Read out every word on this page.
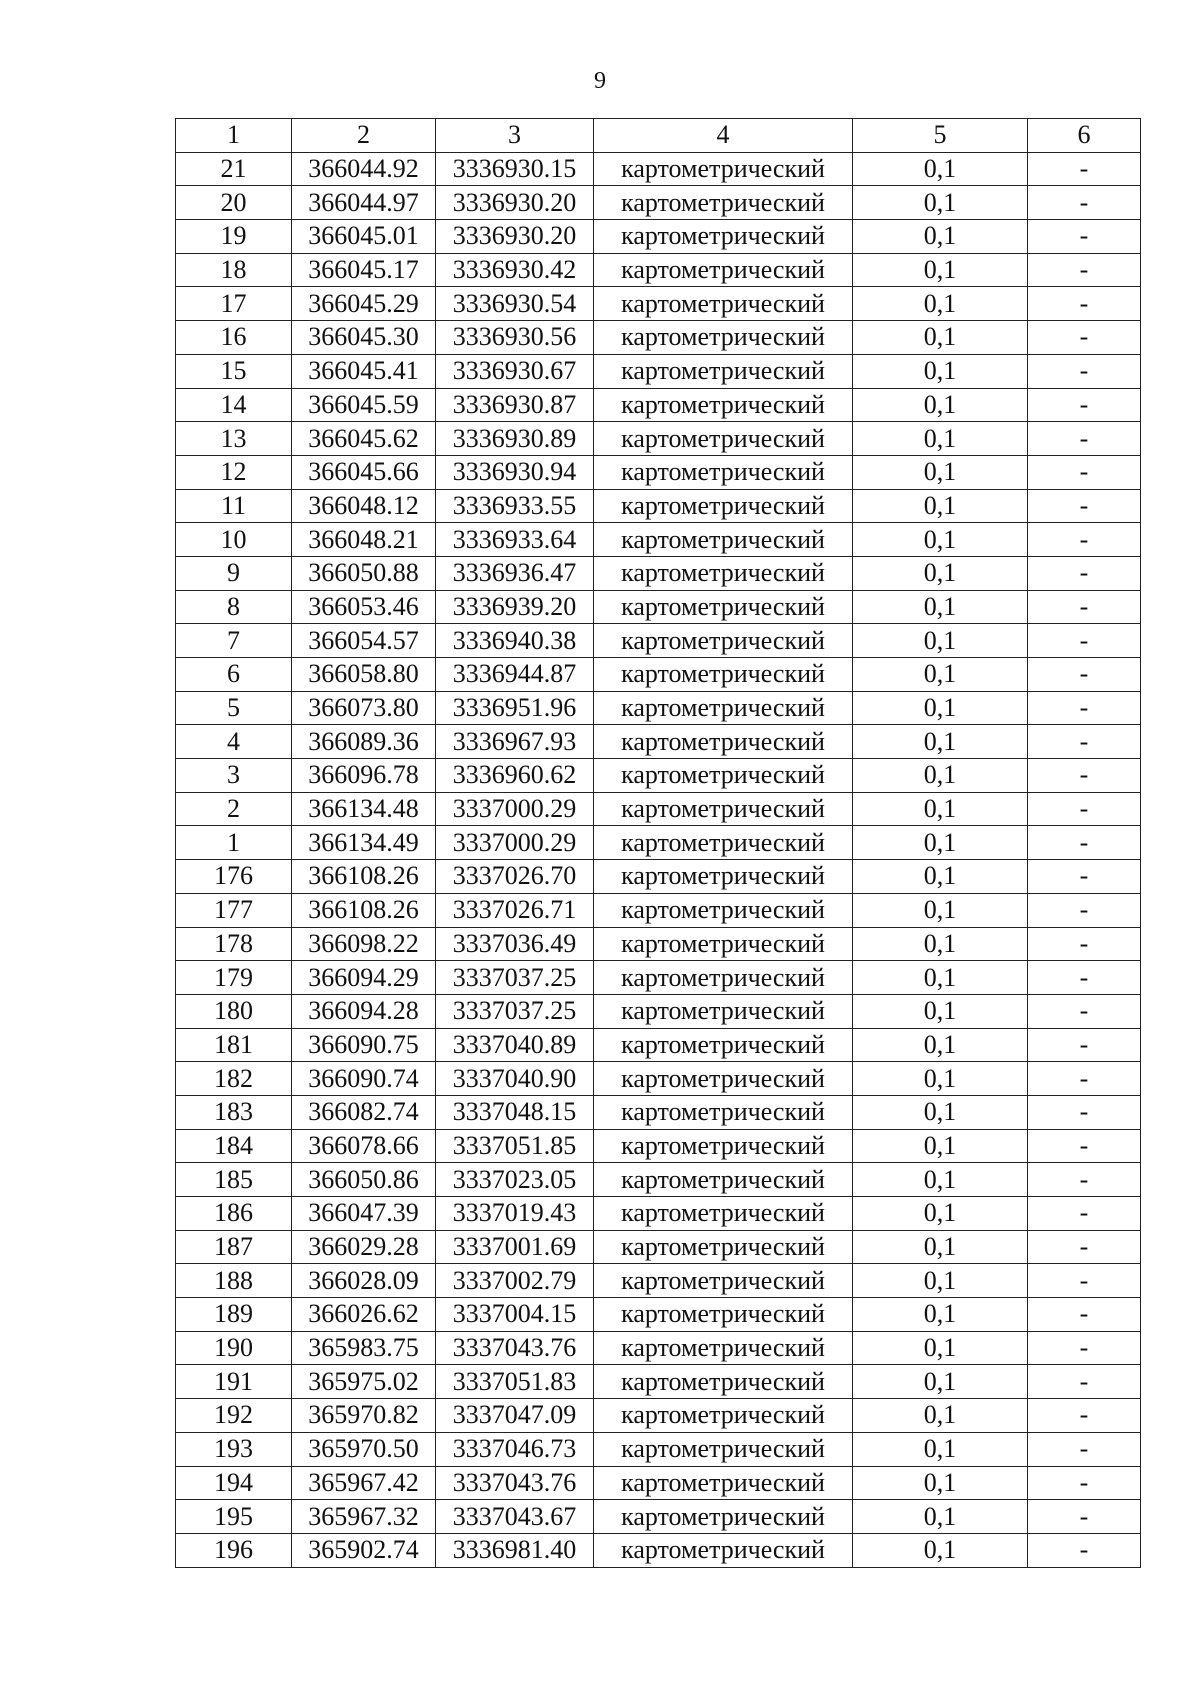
9
1	2	3	4	5	6
21	366044.92	3336930.15	картометрический	0,1	-
20	366044.97	3336930.20	картометрический	0,1	-
19	366045.01	3336930.20	картометрический	0,1	-
18	366045.17	3336930.42	картометрический	0,1	-
17	366045.29	3336930.54	картометрический	0,1	-
16	366045.30	3336930.56	картометрический	0,1	-
15	366045.41	3336930.67	картометрический	0,1	-
14	366045.59	3336930.87	картометрический	0,1	-
13	366045.62	3336930.89	картометрический	0,1	-
12	366045.66	3336930.94	картометрический	0,1	-
11	366048.12	3336933.55	картометрический	0,1	-
10	366048.21	3336933.64	картометрический	0,1	-
9	366050.88	3336936.47	картометрический	0,1	-
8	366053.46	3336939.20	картометрический	0,1	-
7	366054.57	3336940.38	картометрический	0,1	-
6	366058.80	3336944.87	картометрический	0,1	-
5	366073.80	3336951.96	картометрический	0,1	-
4	366089.36	3336967.93	картометрический	0,1	-
3	366096.78	3336960.62	картометрический	0,1	-
2	366134.48	3337000.29	картометрический	0,1	-
1	366134.49	3337000.29	картометрический	0,1	-
176	366108.26	3337026.70	картометрический	0,1	-
177	366108.26	3337026.71	картометрический	0,1	-
178	366098.22	3337036.49	картометрический	0,1	-
179	366094.29	3337037.25	картометрический	0,1	-
180	366094.28	3337037.25	картометрический	0,1	-
181	366090.75	3337040.89	картометрический	0,1	-
182	366090.74	3337040.90	картометрический	0,1	-
183	366082.74	3337048.15	картометрический	0,1	-
184	366078.66	3337051.85	картометрический	0,1	-
185	366050.86	3337023.05	картометрический	0,1	-
186	366047.39	3337019.43	картометрический	0,1	-
187	366029.28	3337001.69	картометрический	0,1	-
188	366028.09	3337002.79	картометрический	0,1	-
189	366026.62	3337004.15	картометрический	0,1	-
190	365983.75	3337043.76	картометрический	0,1	-
191	365975.02	3337051.83	картометрический	0,1	-
192	365970.82	3337047.09	картометрический	0,1	-
193	365970.50	3337046.73	картометрический	0,1	-
194	365967.42	3337043.76	картометрический	0,1	-
195	365967.32	3337043.67	картометрический	0,1	-
196	365902.74	3336981.40	картометрический	0,1	-
